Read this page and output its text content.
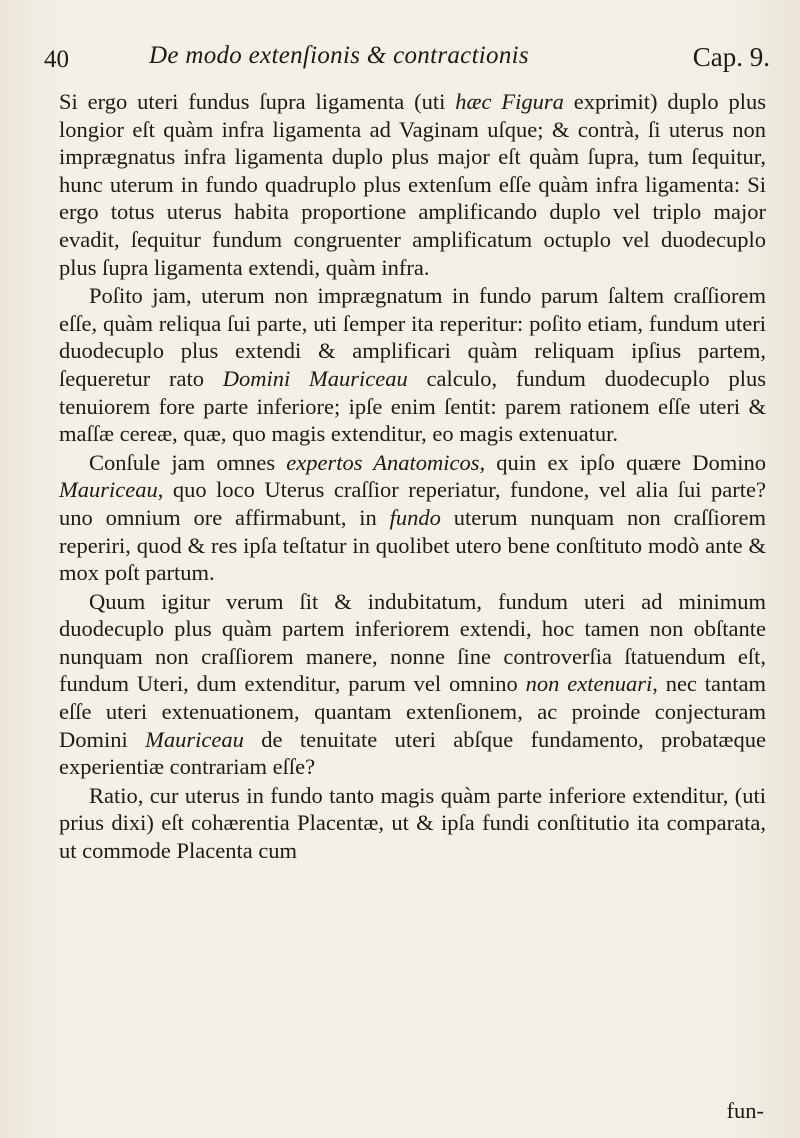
40	De modo extenſionis & contractionis	Cap. 9.

Si ergo uteri fundus ſupra ligamenta (uti hæc Figura exprimit) duplo plus longior eſt quàm infra ligamenta ad Vaginam uſque; & contrà, ſi uterus non imprægnatus infra ligamenta duplo plus major eſt quàm ſupra, tum ſequitur, hunc uterum in fundo quadruplo plus extenſum eſſe quàm infra ligamenta: Si ergo totus uterus habita proportione amplificando duplo vel triplo major evadit, ſequitur fundum congruenter amplificatum octuplo vel duodecuplo plus ſupra ligamenta extendi, quàm infra.

Poſito jam, uterum non imprægnatum in fundo parum ſaltem craſſiorem eſſe, quàm reliqua ſui parte, uti ſemper ita reperitur: poſito etiam, fundum uteri duodecuplo plus extendi & amplificari quàm reliquam ipſius partem, ſequeretur rato Domini Mauriceau calculo, fundum duodecuplo plus tenuiorem fore parte inferiore; ipſe enim ſentit: parem rationem eſſe uteri & maſſæ cereæ, quæ, quo magis extenditur, eo magis extenuatur.

Conſule jam omnes expertos Anatomicos, quin ex ipſo quære Domino Mauriceau, quo loco Uterus craſſior reperiatur, fundone, vel alia ſui parte? uno omnium ore affirmabunt, in fundo uterum nunquam non craſſiorem reperiri, quod & res ipſa teſtatur in quolibet utero bene conſtituto modò ante & mox poſt partum.

Quum igitur verum ſit & indubitatum, fundum uteri ad minimum duodecuplo plus quàm partem inferiorem extendi, hoc tamen non obſtante nunquam non craſſiorem manere, nonne ſine controverſia ſtatuendum eſt, fundum Uteri, dum extenditur, parum vel omnino non extenuari, nec tantam eſſe uteri extenuationem, quantam extenſionem, ac proinde conjecturam Domini Mauriceau de tenuitate uteri abſque fundamento, probatæque experientiæ contrariam eſſe?

Ratio, cur uterus in fundo tanto magis quàm parte inferiore extenditur, (uti prius dixi) eſt cohærentia Placentæ, ut & ipſa fundi conſtitutio ita comparata, ut commode Placenta cum

fun-
